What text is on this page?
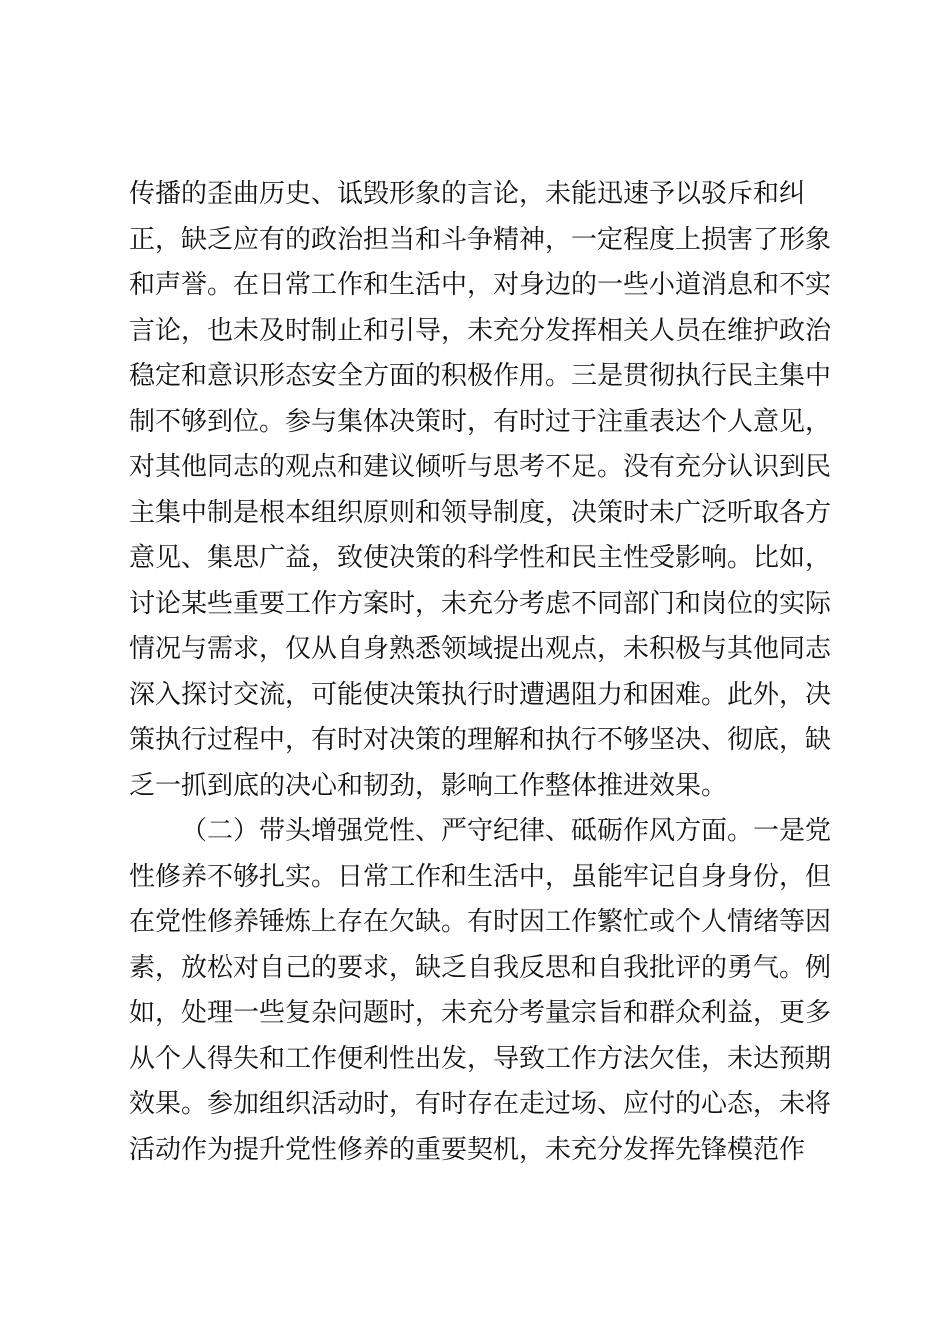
传播的歪曲历史、诋毁形象的言论，未能迅速予以驳斥和纠
正，缺乏应有的政治担当和斗争精神，一定程度上损害了形象
和声誉。在日常工作和生活中，对身边的一些小道消息和不实
言论，也未及时制止和引导，未充分发挥相关人员在维护政治
稳定和意识形态安全方面的积极作用。三是贯彻执行民主集中
制不够到位。参与集体决策时，有时过于注重表达个人意见，
对其他同志的观点和建议倾听与思考不足。没有充分认识到民
主集中制是根本组织原则和领导制度，决策时未广泛听取各方
意见、集思广益，致使决策的科学性和民主性受影响。比如，
讨论某些重要工作方案时，未充分考虑不同部门和岗位的实际
情况与需求，仅从自身熟悉领域提出观点，未积极与其他同志
深入探讨交流，可能使决策执行时遭遇阻力和困难。此外，决
策执行过程中，有时对决策的理解和执行不够坚决、彻底，缺
乏一抓到底的决心和韧劲，影响工作整体推进效果。
（二）带头增强党性、严守纪律、砥砺作风方面。一是党
性修养不够扎实。日常工作和生活中，虽能牢记自身身份，但
在党性修养锤炼上存在欠缺。有时因工作繁忙或个人情绪等因
素，放松对自己的要求，缺乏自我反思和自我批评的勇气。例
如，处理一些复杂问题时，未充分考量宗旨和群众利益，更多
从个人得失和工作便利性出发，导致工作方法欠佳，未达预期
效果。参加组织活动时，有时存在走过场、应付的心态，未将
活动作为提升党性修养的重要契机，未充分发挥先锋模范作
